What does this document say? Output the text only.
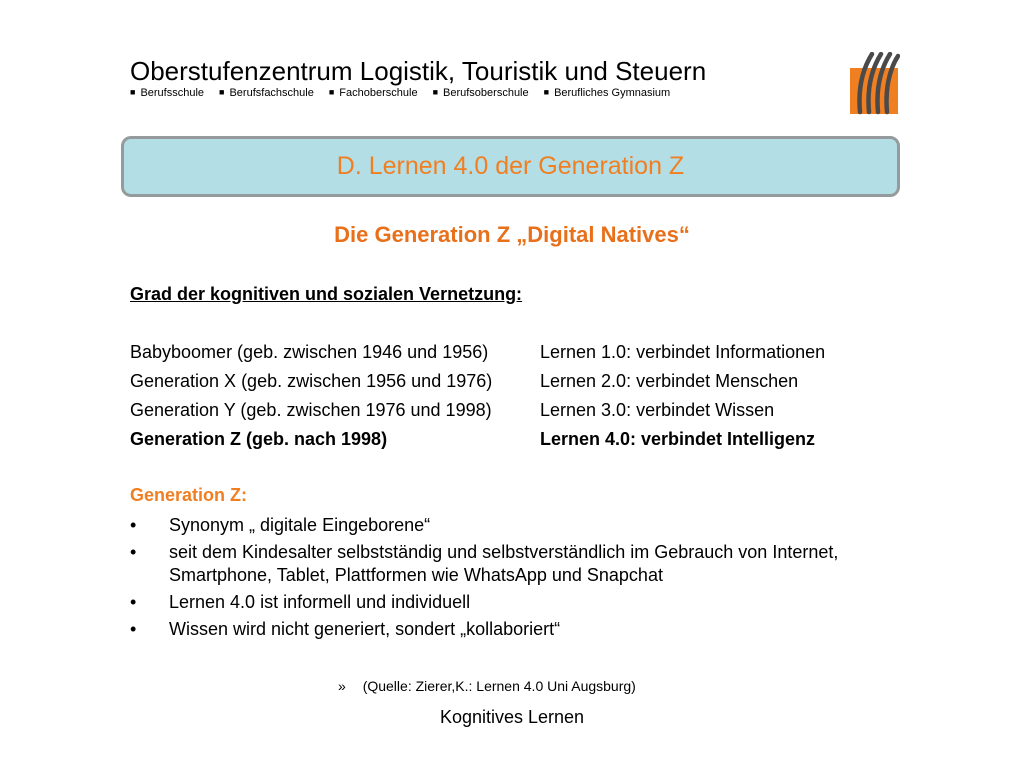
Oberstufenzentrum Logistik, Touristik und Steuern
■ Berufsschule	■ Berufsfachschule	■ Fachoberschule	■ Berufsoberschule	■ Berufliches Gymnasium
D. Lernen 4.0 der Generation Z
Die Generation Z „Digital Natives“
Grad der kognitiven und sozialen Vernetzung:
Babyboomer (geb. zwischen 1946 und 1956)	Lernen 1.0: verbindet Informationen
Generation X (geb. zwischen 1956 und 1976)	Lernen 2.0: verbindet Menschen
Generation Y (geb. zwischen 1976 und 1998)	Lernen 3.0: verbindet Wissen
Generation Z (geb. nach 1998)	Lernen 4.0: verbindet Intelligenz
Generation Z:
• Synonym „ digitale Eingeborene“
• seit dem Kindesalter selbstständig und selbstverständlich im Gebrauch von Internet, Smartphone, Tablet, Plattformen wie WhatsApp und Snapchat
• Lernen 4.0 ist informell und individuell
• Wissen wird nicht generiert, sondert „kollaboriert“
» (Quelle: Zierer,K.: Lernen 4.0 Uni Augsburg)
Kognitives Lernen
